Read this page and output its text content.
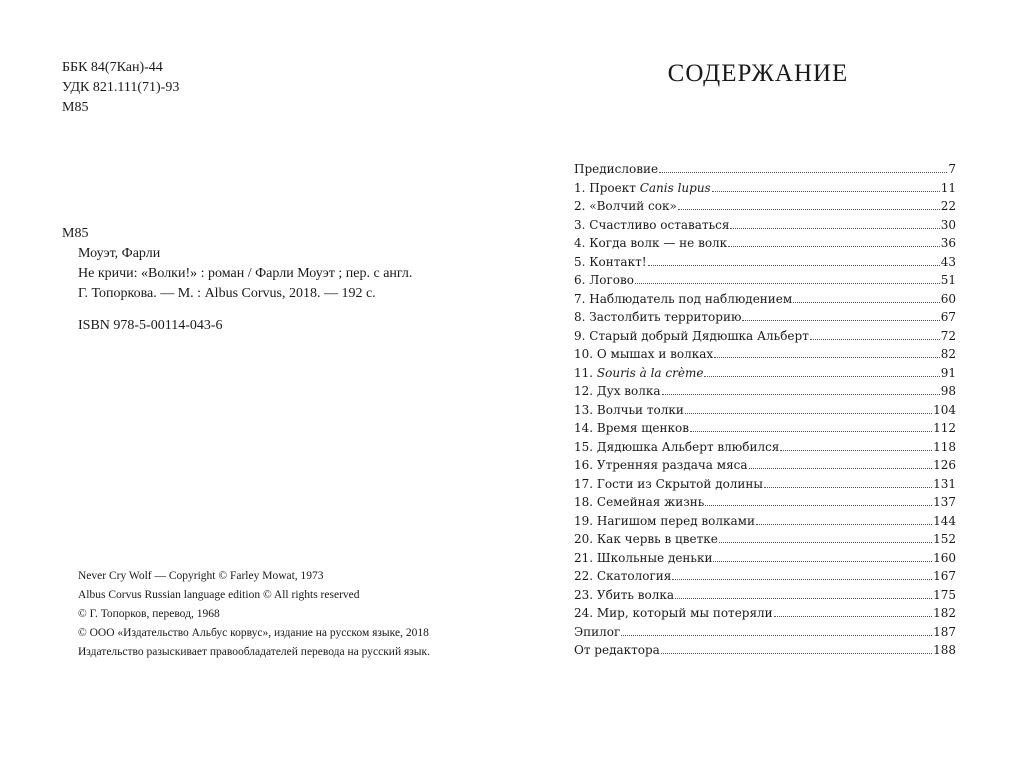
ББК 84(7Кан)-44
УДК 821.111(71)-93
М85
М85
Моуэт, Фарли
Не кричи: «Волки!» : роман / Фарли Моуэт ; пер. с англ.
Г. Топоркова. — М. : Albus Corvus, 2018. — 192 с.
ISBN 978-5-00114-043-6
Never Cry Wolf — Copyright © Farley Mowat, 1973
Albus Corvus Russian language edition © All rights reserved
© Г. Топорков, перевод, 1968
© ООО «Издательство Альбус корвус», издание на русском языке, 2018
Издательство разыскивает правообладателей перевода на русский язык.
СОДЕРЖАНИЕ
Предисловие	7
1. Проект Canis lupus	11
2. «Волчий сок»	22
3. Счастливо оставаться	30
4. Когда волк — не волк	36
5. Контакт!	43
6. Логово	51
7. Наблюдатель под наблюдением	60
8. Застолбить территорию	67
9. Старый добрый Дядюшка Альберт	72
10. О мышах и волках	82
11. Souris à la crème	91
12. Дух волка	98
13. Волчьи толки	104
14. Время щенков	112
15. Дядюшка Альберт влюбился	118
16. Утренняя раздача мяса	126
17. Гости из Скрытой долины	131
18. Семейная жизнь	137
19. Нагишом перед волками	144
20. Как червь в цветке	152
21. Школьные деньки	160
22. Скатология	167
23. Убить волка	175
24. Мир, который мы потеряли	182
Эпилог	187
От редактора	188
